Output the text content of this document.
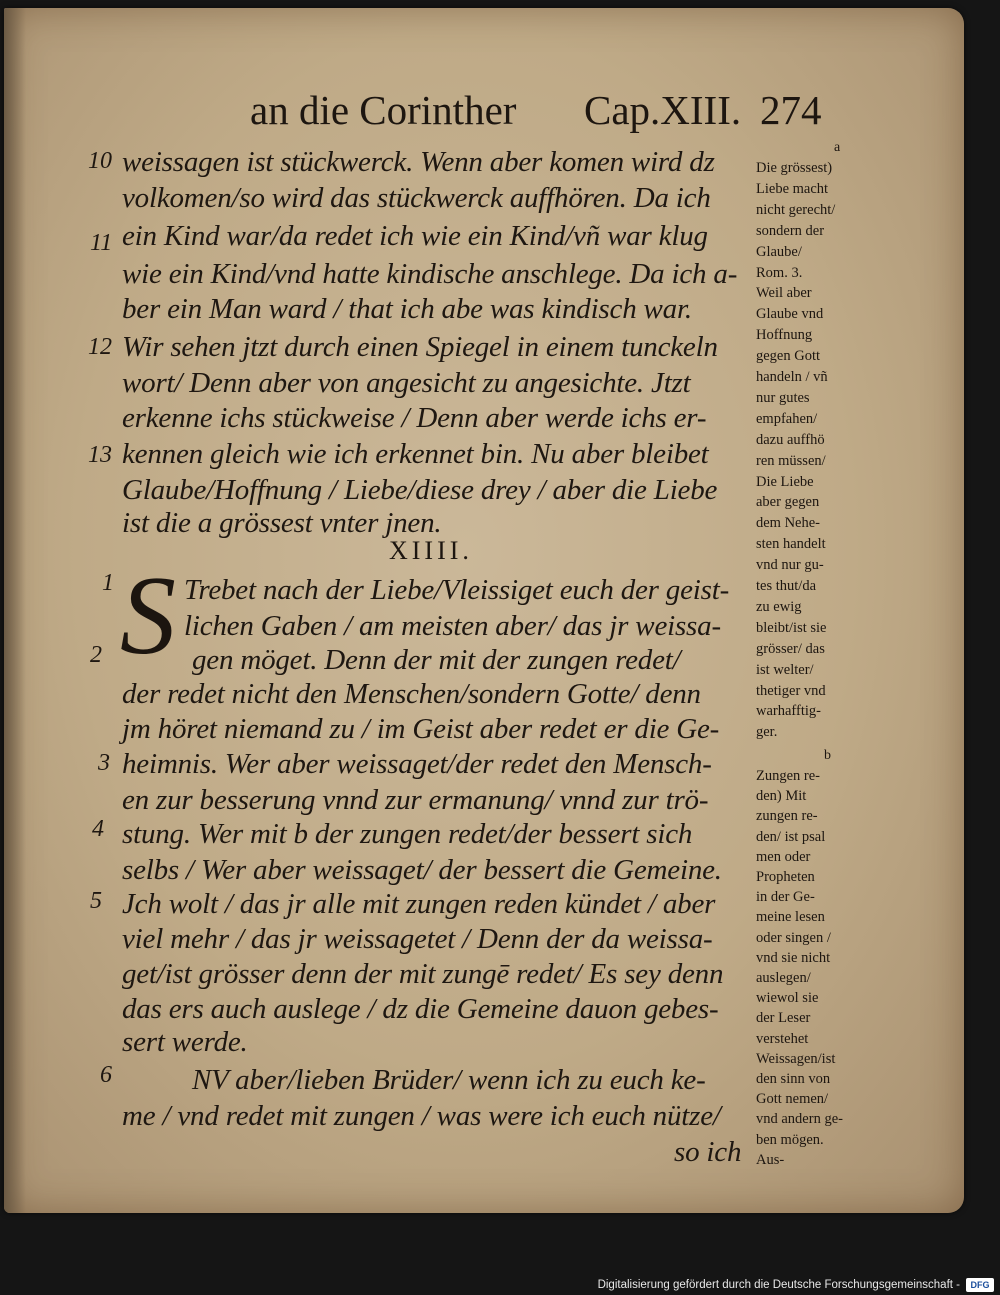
an die Corinther Cap.XIII. 274
10
11
12
13
1
2
3
4
5
6
weissagen ist stückwerck. Wenn aber komen wird dz
volkomen/so wird das stückwerck auffhören. Da ich
ein Kind war/da redet ich wie ein Kind/vñ war klug
wie ein Kind/vnd hatte kindische anschlege. Da ich a-
ber ein Man ward / that ich abe was kindisch war.
Wir sehen jtzt durch einen Spiegel in einem tunckeln
wort/ Denn aber von angesicht zu angesichte. Jtzt
erkenne ichs stückweise / Denn aber werde ichs er-
kennen gleich wie ich erkennet bin. Nu aber bleibet
Glaube/Hoffnung / Liebe/diese drey / aber die Liebe
ist die a grössest vnter jnen.
XIIII.
S Trebet nach der Liebe/Vleissiget euch der geist-
lichen Gaben / am meisten aber/ das jr weissa-
gen möget. Denn der mit der zungen redet/
der redet nicht den Menschen/sondern Gotte/ denn
jm höret niemand zu / im Geist aber redet er die Ge-
heimnis. Wer aber weissaget/der redet den Mensch-
en zur besserung vnnd zur ermanung/ vnnd zur trö-
stung. Wer mit b der zungen redet/der bessert sich
selbs / Wer aber weissaget/ der bessert die Gemeine.
Jch wolt / das jr alle mit zungen reden kündet / aber
viel mehr / das jr weissagetet / Denn der da weissa-
get/ist grösser denn der mit zungē redet/ Es sey denn
das ers auch auslege / dz die Gemeine dauon gebes-
sert werde.
NV aber/lieben Brüder/ wenn ich zu euch ke-
me / vnd redet mit zungen / was were ich euch nütze/
so ich
a
Die grössest)
Liebe macht
nicht gerecht/
sondern der
Glaube/
Rom. 3.
Weil aber
Glaube vnd
Hoffnung
gegen Gott
handeln / vñ
nur gutes
empfahen/
dazu auffhö
ren müssen/
Die Liebe
aber gegen
dem Nehe-
sten handelt
vnd nur gu-
tes thut/da
zu ewig
bleibt/ist sie
grösser/ das
ist welter/
thetiger vnd
warhafftig-
ger.
b
Zungen re-
den) Mit
zungen re-
den/ ist psal
men oder
Propheten
in der Ge-
meine lesen
oder singen /
vnd sie nicht
auslegen/
wiewol sie
der Leser
verstehet
Weissagen/ist
den sinn von
Gott nemen/
vnd andern ge-
ben mögen.
Aus-
Digitalisierung gefördert durch die Deutsche Forschungsgemeinschaft -	DFG
